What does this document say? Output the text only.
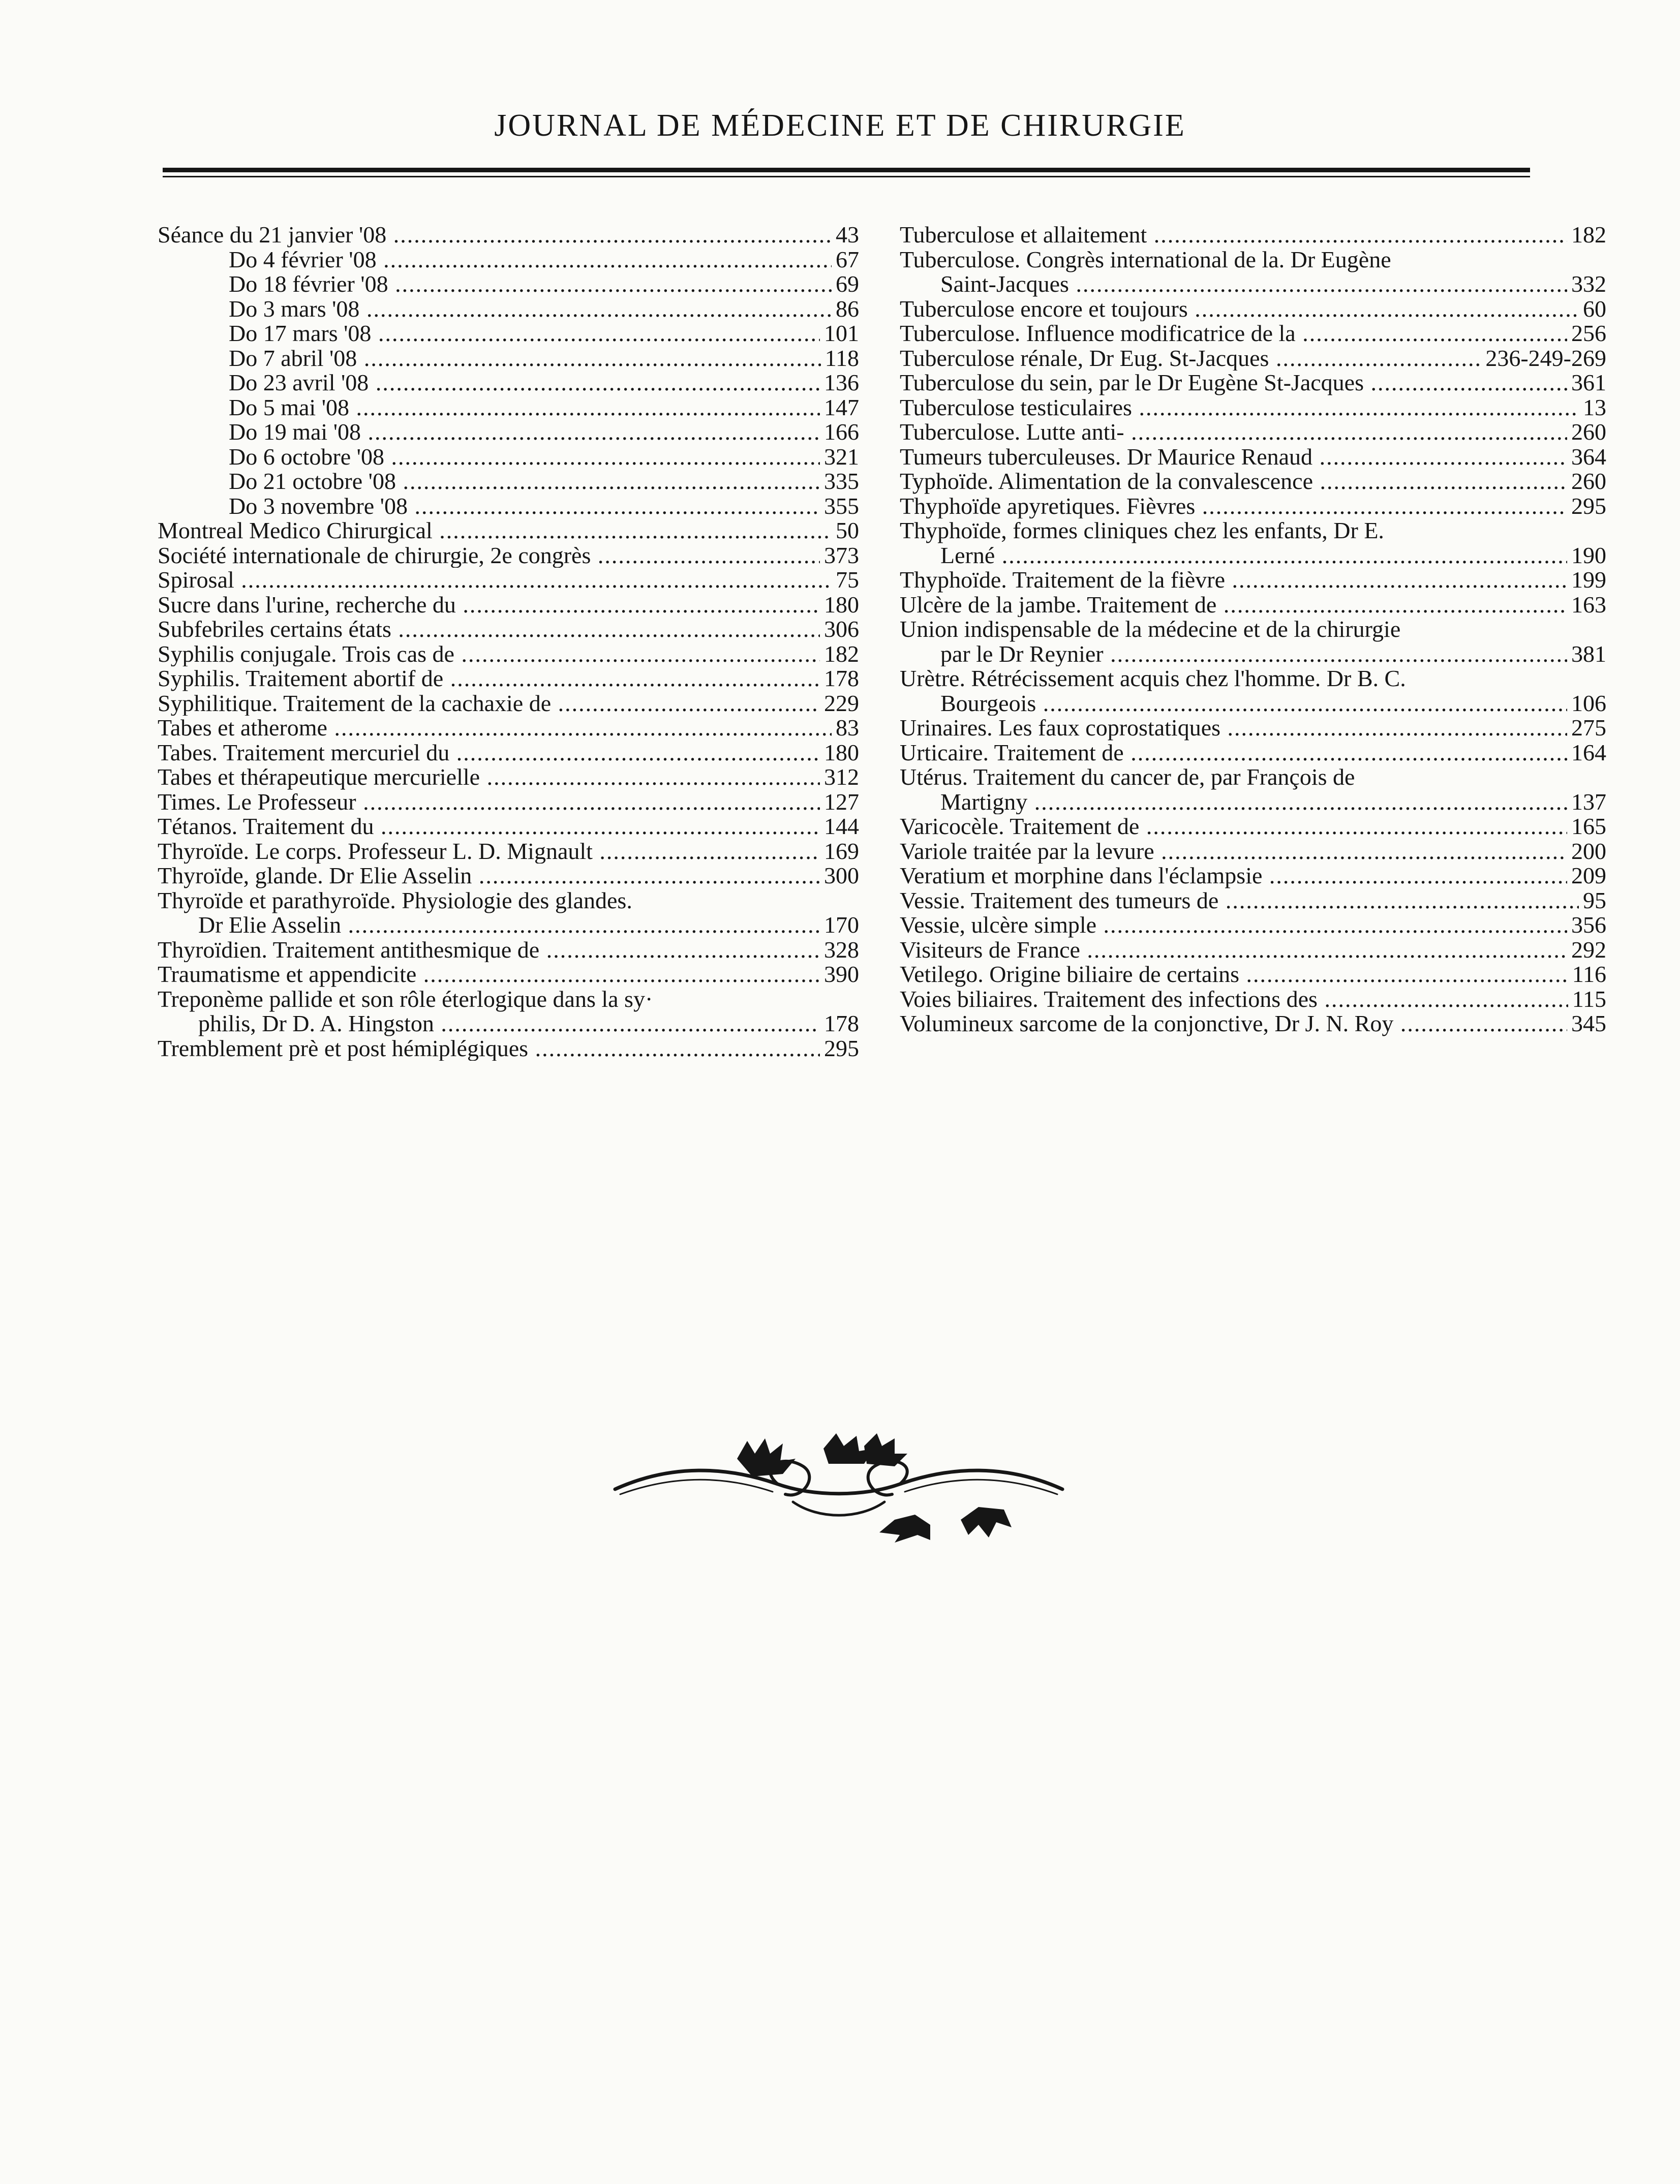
JOURNAL DE MÉDECINE ET DE CHIRURGIE
Séance du 21 janvier '08 .....	43
Do 4 février '08 .....	67
Do 18 février '08 .....	69
Do 3 mars '08 .....	86
Do 17 mars '08 .....	101
Do 7 abril '08 .....	118
Do 23 avril '08 .....	136
Do 5 mai '08 .....	147
Do 19 mai '08 .....	166
Do 6 octobre '08 .....	321
Do 21 octobre '08 .....	335
Do 3 novembre '08 .....	355
Montreal Medico Chirurgical .....	50
Société internationale de chirurgie, 2e congrès .....	373
Spirosal .....	75
Sucre dans l'urine, recherche du .....	180
Subfebriles certains états .....	306
Syphilis conjugale. Trois cas de .....	182
Syphilis. Traitement abortif de .....	178
Syphilitique. Traitement de la cachaxie de .....	229
Tabes et atherome .....	83
Tabes. Traitement mercuriel du .....	180
Tabes et thérapeutique mercurielle .....	312
Times. Le Professeur .....	127
Tétanos. Traitement du .....	144
Thyroïde. Le corps. Professeur L. D. Mignault .....	169
Thyroïde, glande. Dr Elie Asselin .....	300
Thyroïde et parathyroïde. Physiologie des glandes.
Dr Elie Asselin .....	170
Thyroïdien. Traitement antithesmique de .....	328
Traumatisme et appendicite .....	390
Treponème pallide et son rôle éterlogique dans la sy·
philis, Dr D. A. Hingston .....	178
Tremblement prè et post hémiplégiques .....	295
Tuberculose et allaitement .....	182
Tuberculose. Congrès international de la. Dr Eugène
Saint-Jacques .....	332
Tuberculose encore et toujours .....	60
Tuberculose. Influence modificatrice de la .....	256
Tuberculose rénale, Dr Eug. St-Jacques .....	236-249-269
Tuberculose du sein, par le Dr Eugène St-Jacques .....	361
Tuberculose testiculaires .....	13
Tuberculose. Lutte anti- .....	260
Tumeurs tuberculeuses. Dr Maurice Renaud .....	364
Typhoïde. Alimentation de la convalescence .....	260
Thyphoïde apyretiques. Fièvres .....	295
Thyphoïde, formes cliniques chez les enfants, Dr E.
Lerné .....	190
Thyphoïde. Traitement de la fièvre .....	199
Ulcère de la jambe. Traitement de .....	163
Union indispensable de la médecine et de la chirurgie
par le Dr Reynier .....	381
Urètre. Rétrécissement acquis chez l'homme. Dr B. C.
Bourgeois .....	106
Urinaires. Les faux coprostatiques .....	275
Urticaire. Traitement de .....	164
Utérus. Traitement du cancer de, par François de
Martigny .....	137
Varicocèle. Traitement de .....	165
Variole traitée par la levure .....	200
Veratium et morphine dans l'éclampsie .....	209
Vessie. Traitement des tumeurs de .....	95
Vessie, ulcère simple .....	356
Visiteurs de France .....	292
Vetilego. Origine biliaire de certains .....	116
Voies biliaires. Traitement des infections des .....	115
Volumineux sarcome de la conjonctive, Dr J. N. Roy .....	345
